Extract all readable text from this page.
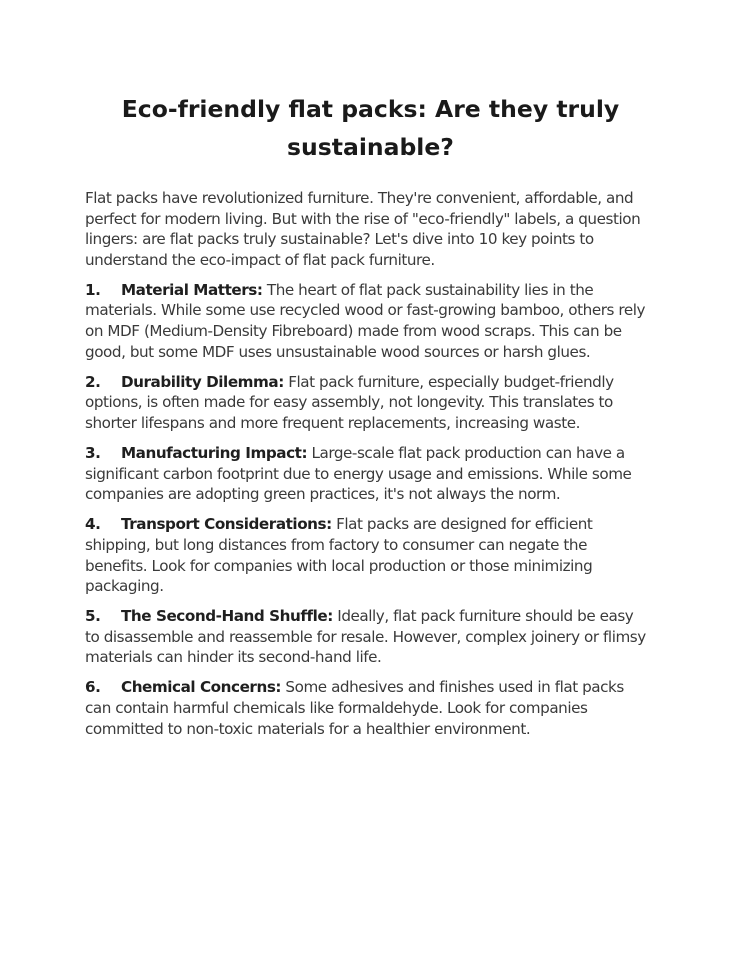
Eco-friendly flat packs: Are they truly sustainable?

Flat packs have revolutionized furniture. They're convenient, affordable, and perfect for modern living. But with the rise of "eco-friendly" labels, a question lingers: are flat packs truly sustainable? Let's dive into 10 key points to understand the eco-impact of flat pack furniture.

1. Material Matters: The heart of flat pack sustainability lies in the materials. While some use recycled wood or fast-growing bamboo, others rely on MDF (Medium-Density Fibreboard) made from wood scraps. This can be good, but some MDF uses unsustainable wood sources or harsh glues.

2. Durability Dilemma: Flat pack furniture, especially budget-friendly options, is often made for easy assembly, not longevity. This translates to shorter lifespans and more frequent replacements, increasing waste.

3. Manufacturing Impact: Large-scale flat pack production can have a significant carbon footprint due to energy usage and emissions. While some companies are adopting green practices, it's not always the norm.

4. Transport Considerations: Flat packs are designed for efficient shipping, but long distances from factory to consumer can negate the benefits. Look for companies with local production or those minimizing packaging.

5. The Second-Hand Shuffle: Ideally, flat pack furniture should be easy to disassemble and reassemble for resale. However, complex joinery or flimsy materials can hinder its second-hand life.

6. Chemical Concerns: Some adhesives and finishes used in flat packs can contain harmful chemicals like formaldehyde. Look for companies committed to non-toxic materials for a healthier environment.
